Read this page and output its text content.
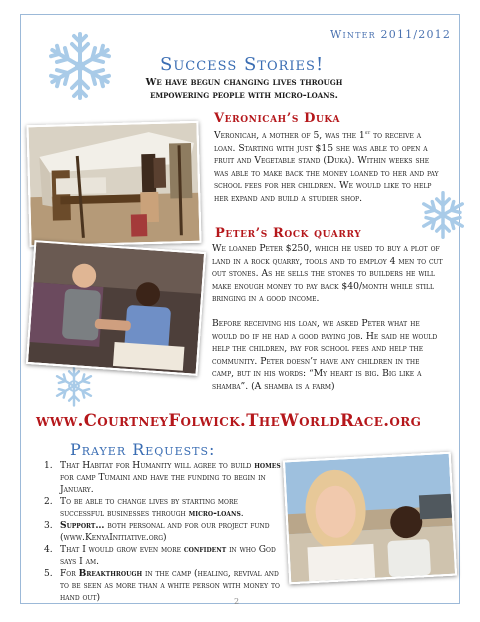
Winter 2011/2012
Success Stories!
We have begun changing lives through empowering people with micro-loans.
Veronicah’s Duka
Veronicah, a mother of 5, was the 1st to receive a loan. Starting with just $15 she was able to open a fruit and Vegetable stand (Duka). Within weeks she was able to make back the money loaned to her and pay school fees for her children. We would like to help her expand and build a studier shop.
Peter’s Rock quarry
We loaned Peter $250, which he used to buy a plot of land in a rock quarry, tools and to employ 4 men to cut out stones. As he sells the stones to builders he will make enough money to pay back $40/month while still bringing in a good income.
Before receiving his loan, we asked Peter what he would do if he had a good paying job. He said he would help the children, pay for school fees and help the community. Peter doesn’t have any children in the camp, but in his words: “My heart is big. Big like a shamba”. (A shamba is a farm)
www.CourtneyFolwick.TheWorldRace.org
Prayer Requests:
1. That Habitat for Humanity will agree to build homes for camp Tumaini and have the funding to begin in January.
2. To be able to change lives by starting more successful businesses through micro-loans.
3. Support… both personal and for our project fund (www.KenyaInitiative.org)
4. That I would grow even more confident in who God says I am.
5. For Breakthrough in the camp (healing, revival and to be seen as more than a white person with money to hand out)	2
